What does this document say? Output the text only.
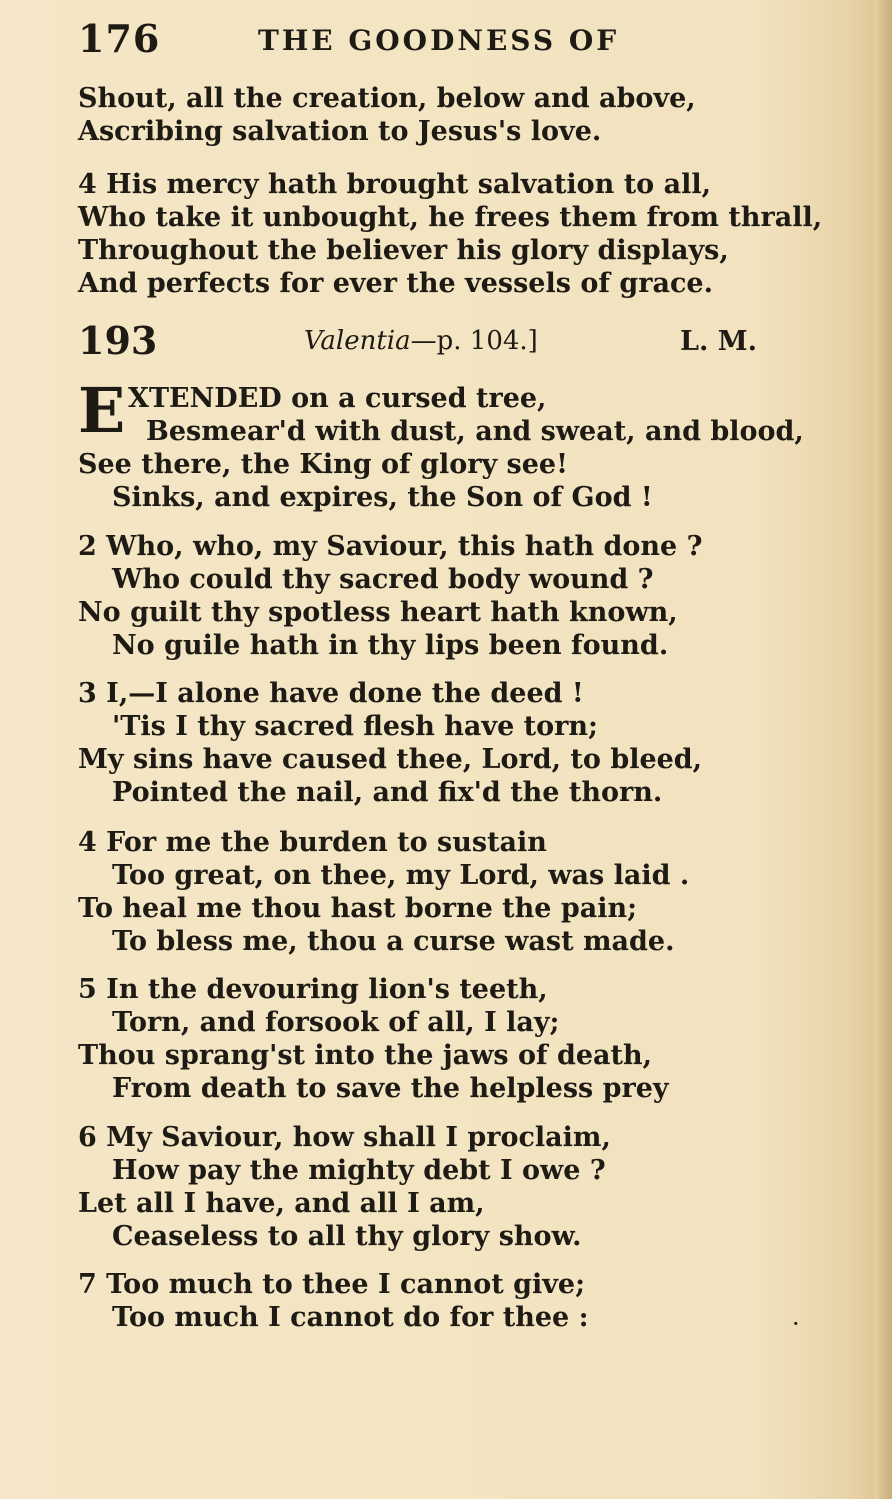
176	THE GOODNESS OF
Shout, all the creation, below and above,
Ascribing salvation to Jesus's love.
4 His mercy hath brought salvation to all,
Who take it unbought, he frees them from thrall,
Throughout the believer his glory displays,
And perfects for ever the vessels of grace.
193	Valentia—p. 104.]	L. M.
E XTENDED on a cursed tree,
Besmear'd with dust, and sweat, and blood,
See there, the King of glory see!
Sinks, and expires, the Son of God !
2 Who, who, my Saviour, this hath done ?
Who could thy sacred body wound ?
No guilt thy spotless heart hath known,
No guile hath in thy lips been found.
3 I,—I alone have done the deed !
'Tis I thy sacred flesh have torn;
My sins have caused thee, Lord, to bleed,
Pointed the nail, and fix'd the thorn.
4 For me the burden to sustain
Too great, on thee, my Lord, was laid .
To heal me thou hast borne the pain;
To bless me, thou a curse wast made.
5 In the devouring lion's teeth,
Torn, and forsook of all, I lay;
Thou sprang'st into the jaws of death,
From death to save the helpless prey
6 My Saviour, how shall I proclaim,
How pay the mighty debt I owe ?
Let all I have, and all I am,
Ceaseless to all thy glory show.
7 Too much to thee I cannot give;
Too much I cannot do for thee :	·
